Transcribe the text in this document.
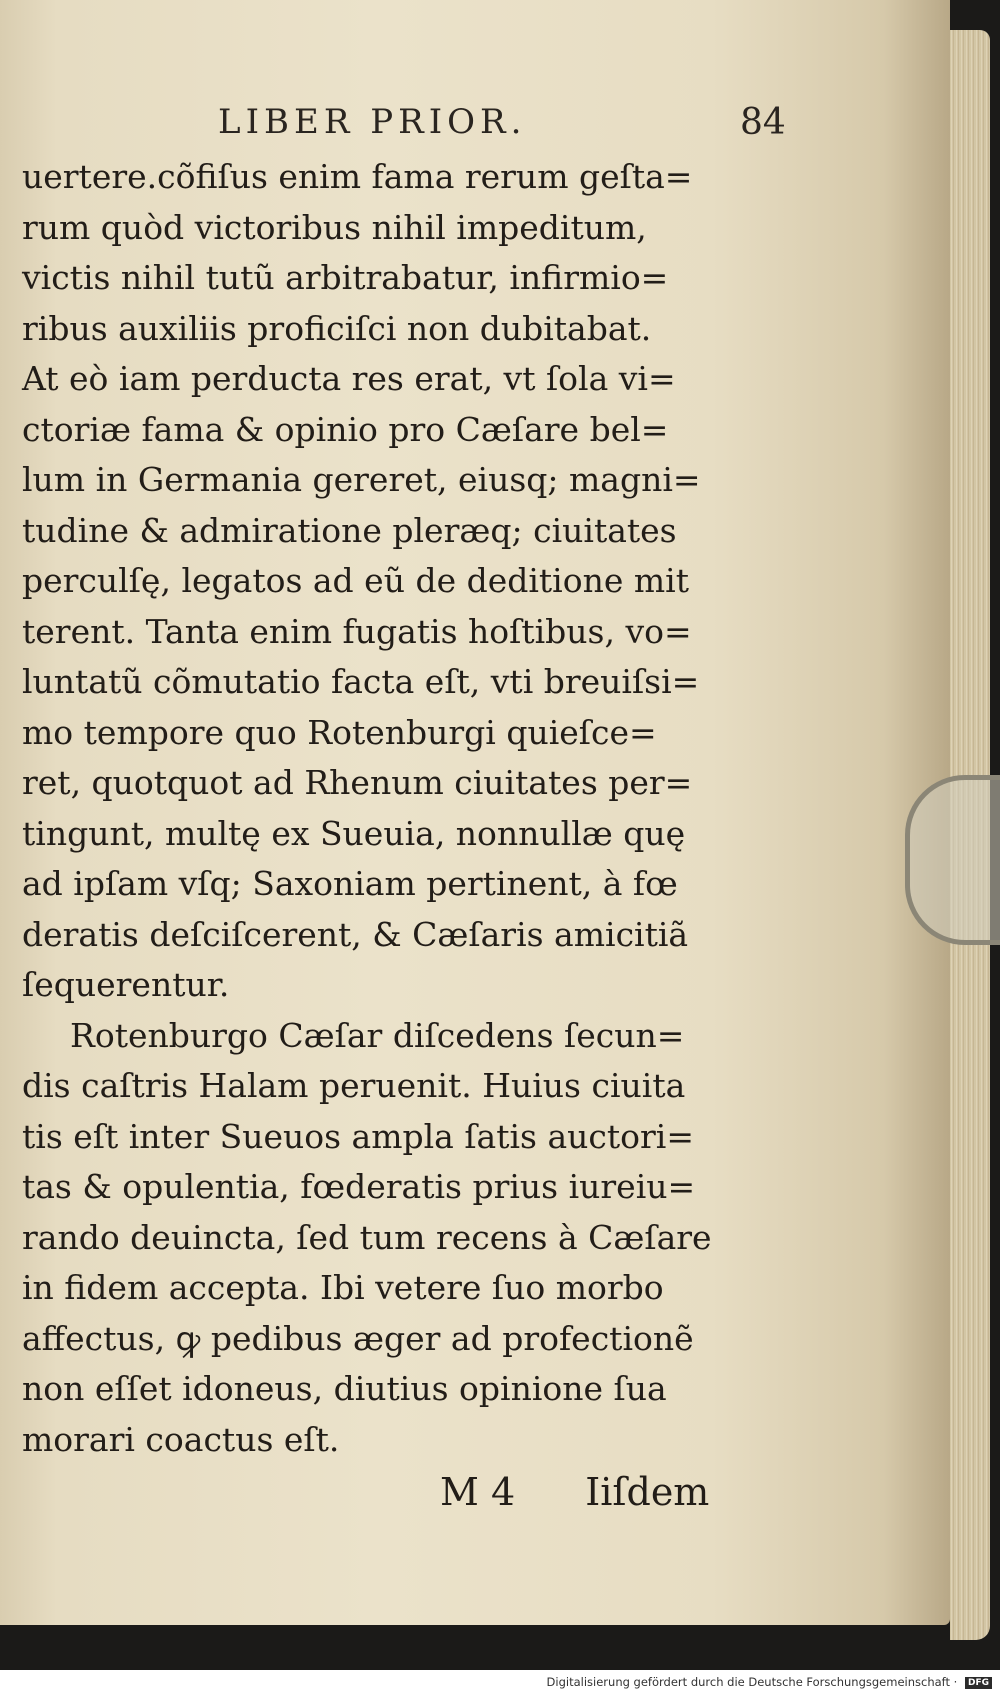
LIBER PRIOR.	84
uertere.cõfiſus enim fama rerum geſta=
rum quòd victoribus nihil impeditum,
victis nihil tutũ arbitrabatur, infirmio=
ribus auxiliis proficiſci non dubitabat.
At eò iam perducta res erat, vt ſola vi=
ctoriæ fama & opinio pro Cæſare bel=
lum in Germania gereret, eiusq; magni=
tudine & admiratione pleræq; ciuitates
perculſę, legatos ad eũ de deditione mit
terent. Tanta enim fugatis hoſtibus, vo=
luntatũ cõmutatio facta eſt, vti breuiſsi=
mo tempore quo Rotenburgi quieſce=
ret, quotquot ad Rhenum ciuitates per=
tingunt, multę ex Sueuia, nonnullæ quę
ad ipſam vſq; Saxoniam pertinent, à fœ
deratis deſciſcerent, & Cæſaris amicitiã
ſequerentur.
Rotenburgo Cæſar diſcedens ſecun=
dis caſtris Halam peruenit. Huius ciuita
tis eſt inter Sueuos ampla ſatis auctori=
tas & opulentia, fœderatis prius iureiu=
rando deuincta, ſed tum recens à Cæſare
in fidem accepta. Ibi vetere ſuo morbo
affectus, ꝙ pedibus æger ad profectionẽ
non eſſet idoneus, diutius opinione ſua
morari coactus eſt.
M 4 Iiſdem
Digitalisierung gefördert durch die Deutsche Forschungsgemeinschaft · DFG
